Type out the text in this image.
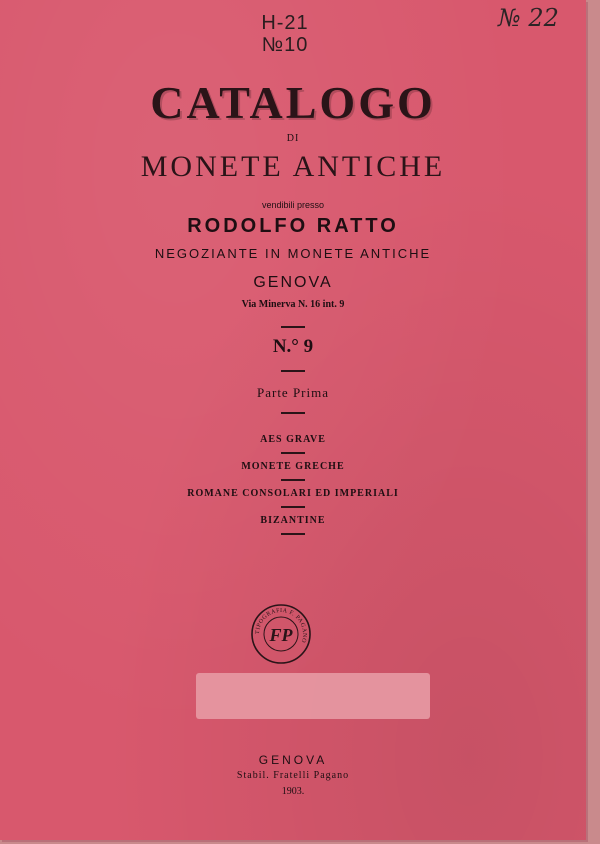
H-21
№10
№ 22
CATALOGO
DI
MONETE ANTICHE
vendibili presso
RODOLFO RATTO
NEGOZIANTE IN MONETE ANTICHE
GENOVA
Via Minerva N. 16 int. 9
N.° 9
Parte Prima
AES GRAVE
MONETE GRECHE
ROMANE CONSOLARI ED IMPERIALI
BIZANTINE
TIPOGRAFIA F. PAGANO
FP
GENOVA
Stabil. Fratelli Pagano
1903.
